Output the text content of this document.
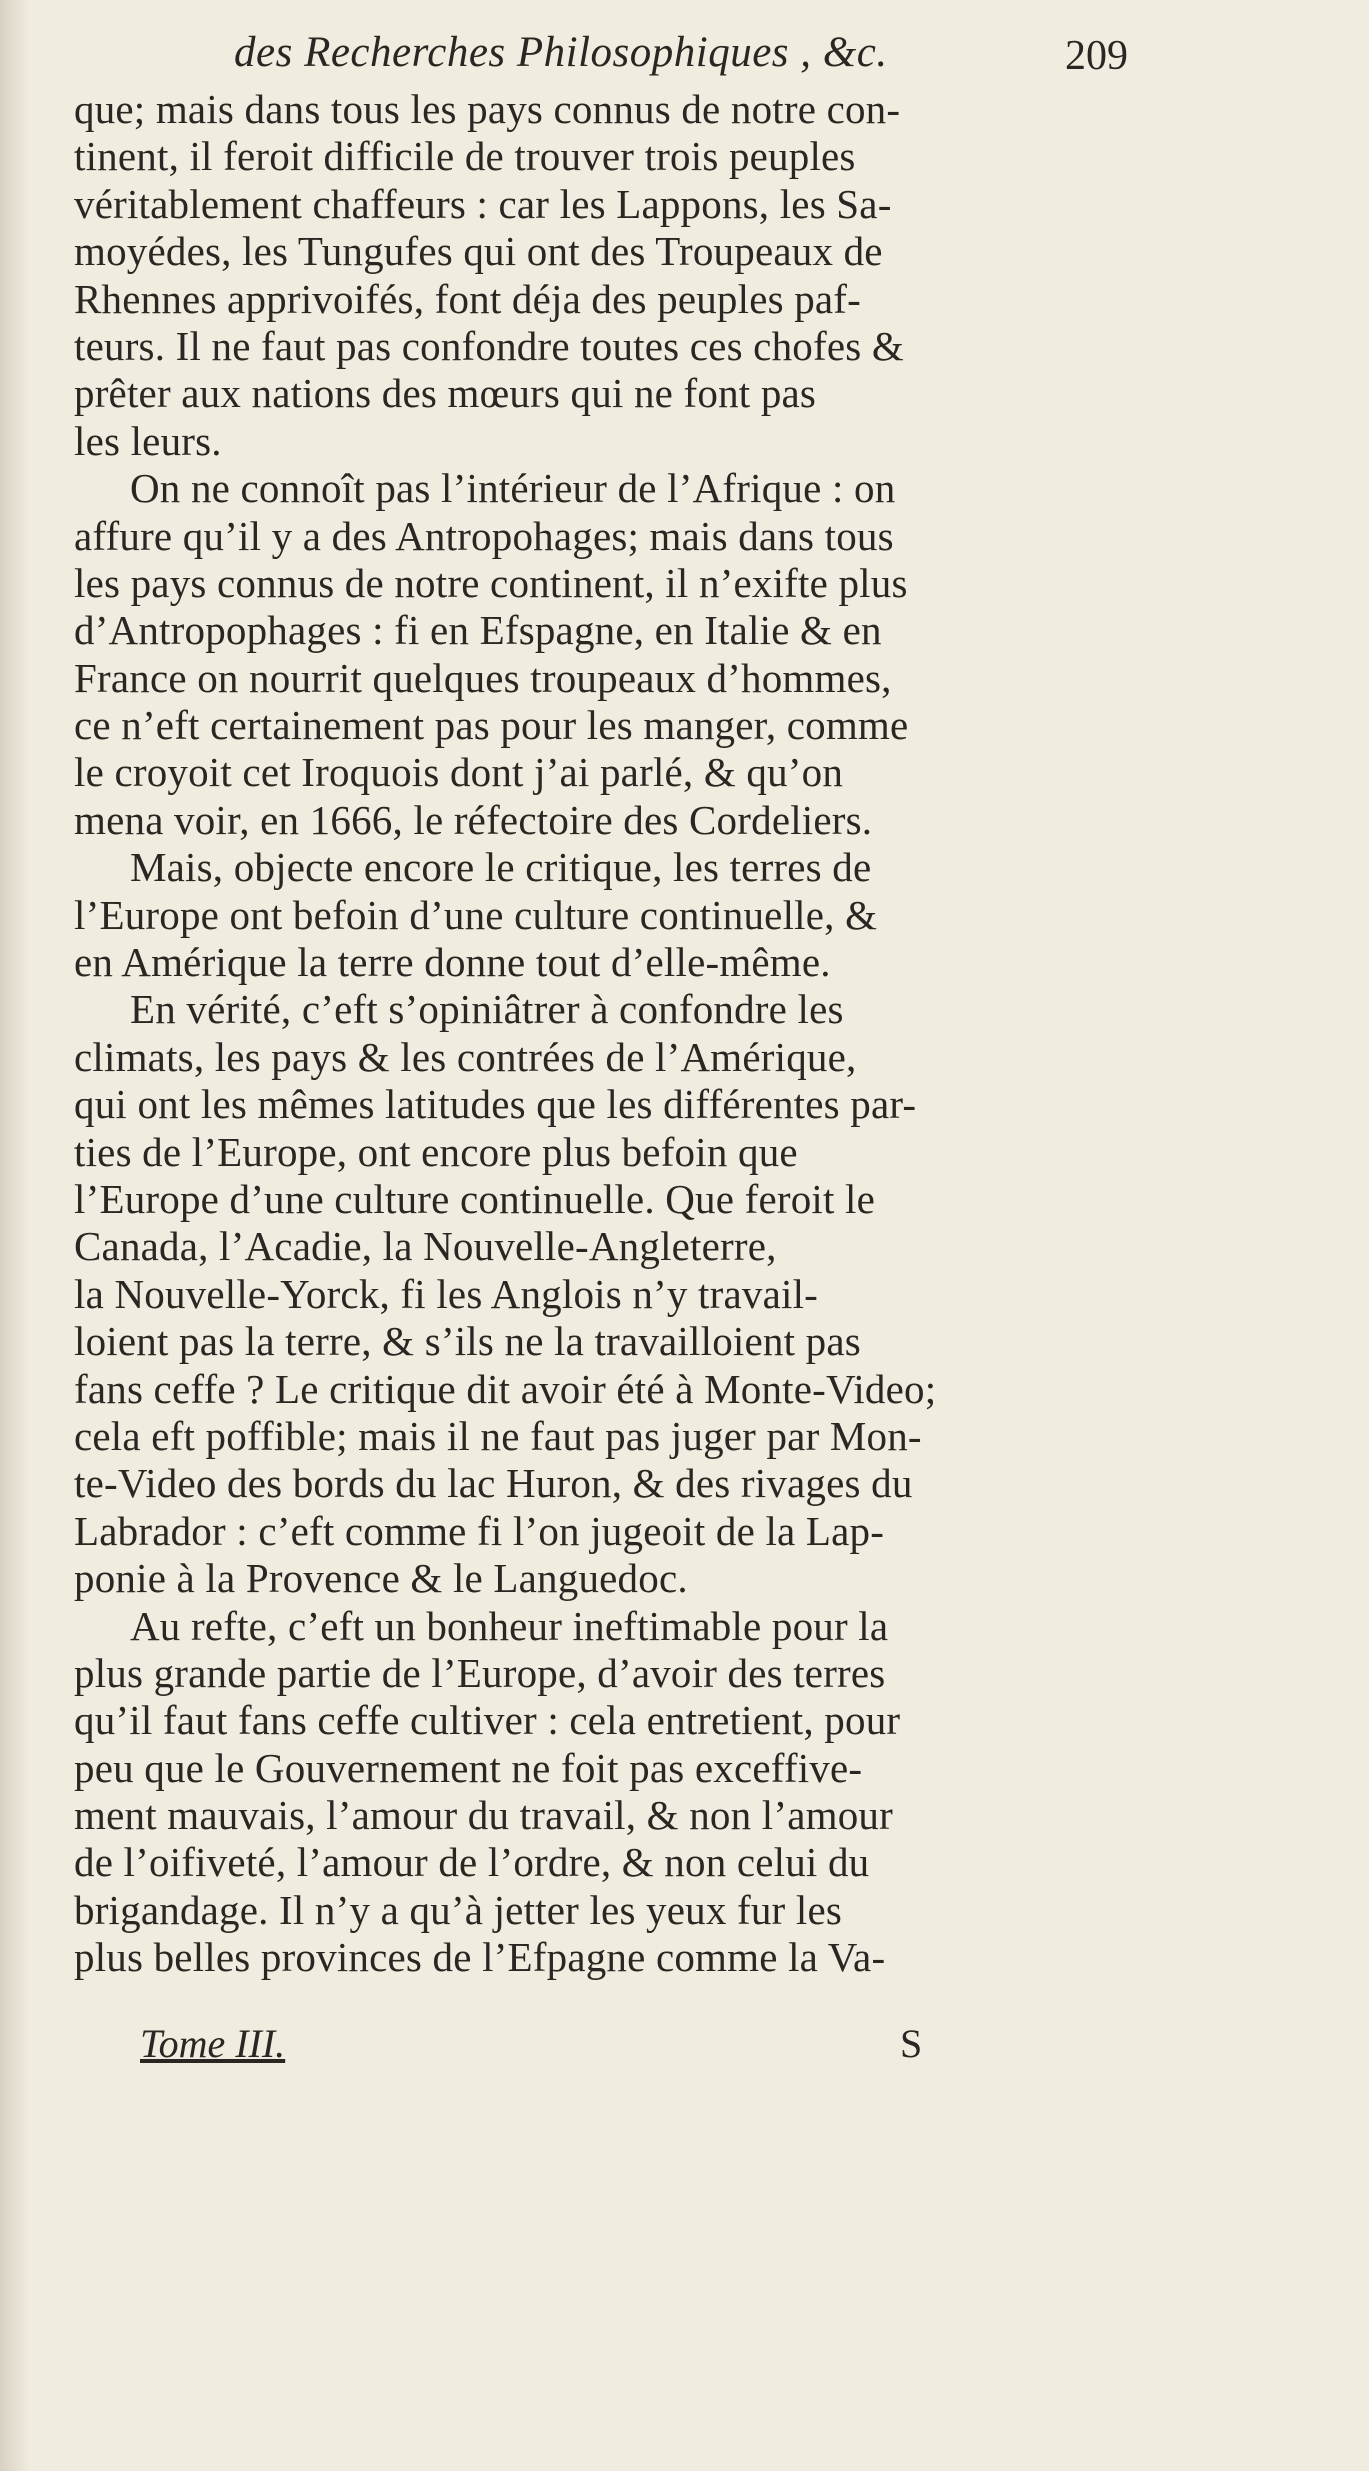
des Recherches Philosophiques , &c.	209
que; mais dans tous les pays connus de notre con-
tinent, il feroit difficile de trouver trois peuples
véritablement chaffeurs : car les Lappons, les Sa-
moyédes, les Tungufes qui ont des Troupeaux de
Rhennes apprivoifés, font déja des peuples paf-
teurs. Il ne faut pas confondre toutes ces chofes &
prêter aux nations des mœurs qui ne font pas
les leurs.
On ne connoît pas l’intérieur de l’Afrique : on
affure qu’il y a des Antropohages; mais dans tous
les pays connus de notre continent, il n’exifte plus
d’Antropophages : fi en Efspagne, en Italie & en
France on nourrit quelques troupeaux d’hommes,
ce n’eft certainement pas pour les manger, comme
le croyoit cet Iroquois dont j’ai parlé, & qu’on
mena voir, en 1666, le réfectoire des Cordeliers.
Mais, objecte encore le critique, les terres de
l’Europe ont befoin d’une culture continuelle, &
en Amérique la terre donne tout d’elle-même.
En vérité, c’eft s’opiniâtrer à confondre les
climats, les pays & les contrées de l’Amérique,
qui ont les mêmes latitudes que les différentes par-
ties de l’Europe, ont encore plus befoin que
l’Europe d’une culture continuelle. Que feroit le
Canada, l’Acadie, la Nouvelle-Angleterre,
la Nouvelle-Yorck, fi les Anglois n’y travail-
loient pas la terre, & s’ils ne la travailloient pas
fans ceffe ? Le critique dit avoir été à Monte-Video;
cela eft poffible; mais il ne faut pas juger par Mon-
te-Video des bords du lac Huron, & des rivages du
Labrador : c’eft comme fi l’on jugeoit de la Lap-
ponie à la Provence & le Languedoc.
Au refte, c’eft un bonheur ineftimable pour la
plus grande partie de l’Europe, d’avoir des terres
qu’il faut fans ceffe cultiver : cela entretient, pour
peu que le Gouvernement ne foit pas exceffive-
ment mauvais, l’amour du travail, & non l’amour
de l’oifiveté, l’amour de l’ordre, & non celui du
brigandage. Il n’y a qu’à jetter les yeux fur les
plus belles provinces de l’Efpagne comme la Va-
Tome III.	S
